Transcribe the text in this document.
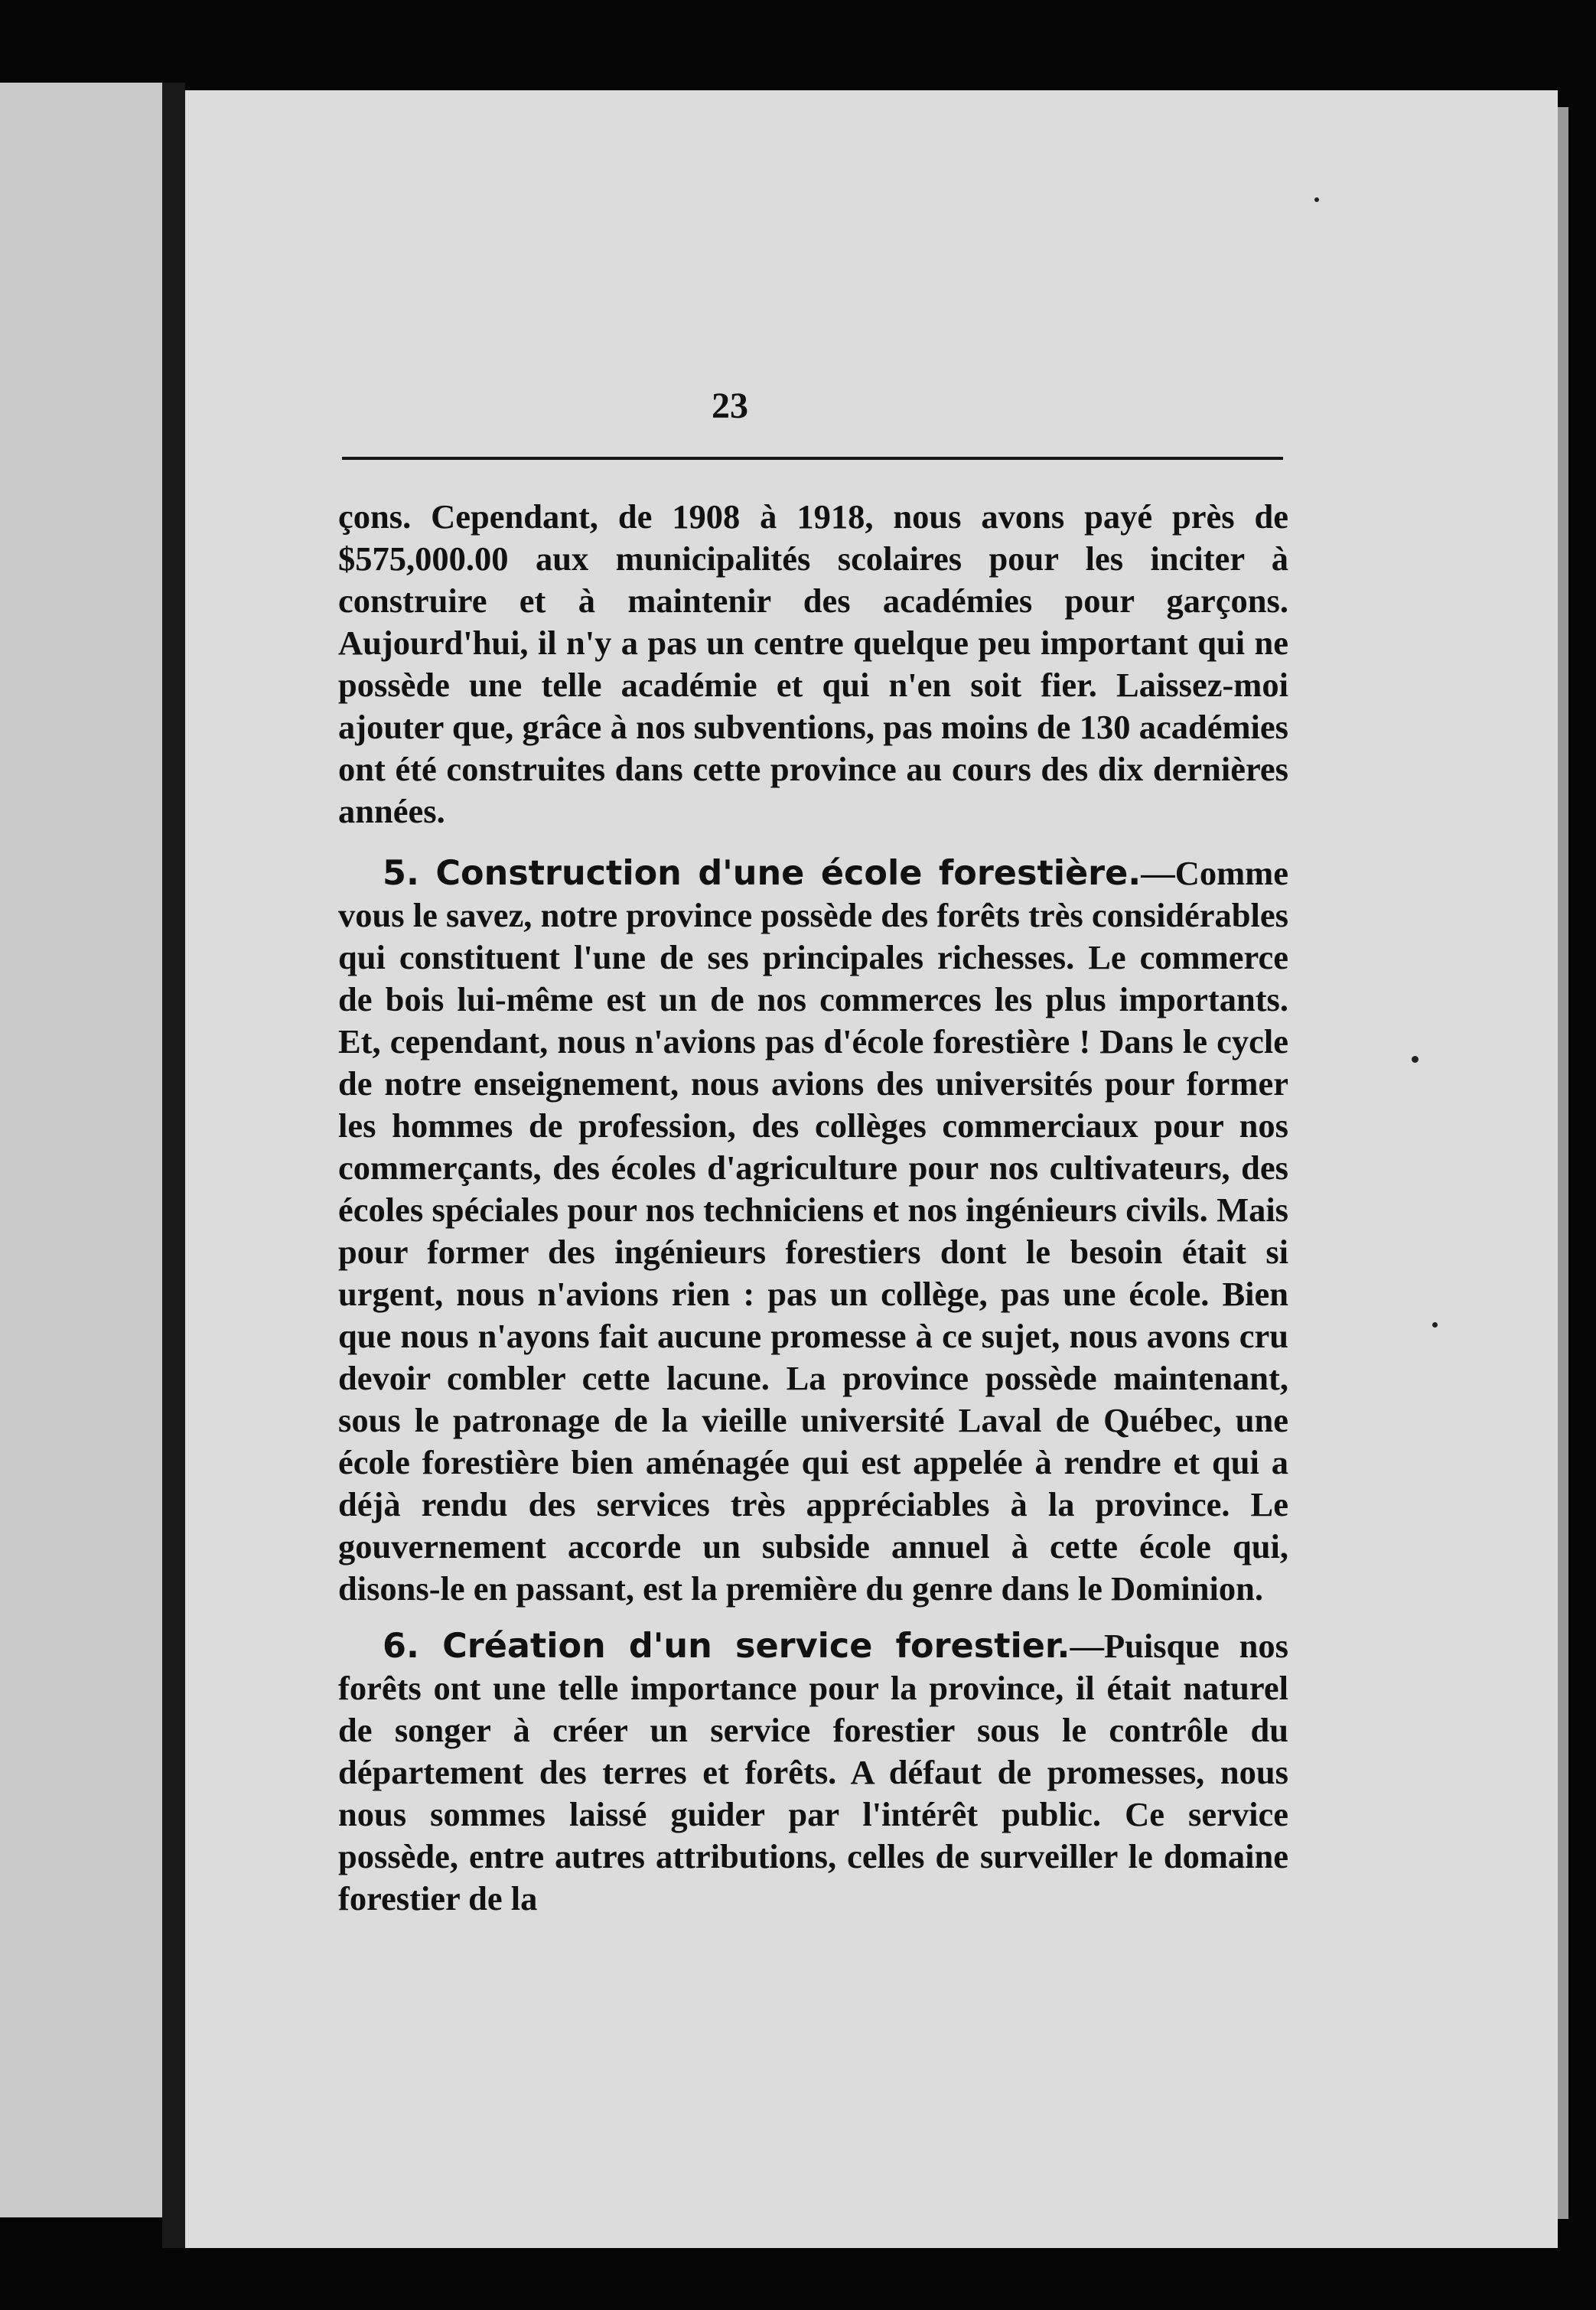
23

çons. Cependant, de 1908 à 1918, nous avons payé près de $575,000.00 aux municipalités scolaires pour les inciter à construire et à maintenir des académies pour garçons. Aujourd'hui, il n'y a pas un centre quelque peu important qui ne possède une telle académie et qui n'en soit fier. Laissez-moi ajouter que, grâce à nos subventions, pas moins de 130 académies ont été construites dans cette province au cours des dix dernières années.

5. Construction d'une école forestière.—Comme vous le savez, notre province possède des forêts très considérables qui constituent l'une de ses principales richesses. Le commerce de bois lui-même est un de nos commerces les plus importants. Et, cependant, nous n'avions pas d'école forestière ! Dans le cycle de notre enseignement, nous avions des universités pour former les hommes de profession, des collèges commerciaux pour nos commerçants, des écoles d'agriculture pour nos cultivateurs, des écoles spéciales pour nos techniciens et nos ingénieurs civils. Mais pour former des ingénieurs forestiers dont le besoin était si urgent, nous n'avions rien : pas un collège, pas une école. Bien que nous n'ayons fait aucune promesse à ce sujet, nous avons cru devoir combler cette lacune. La province possède maintenant, sous le patronage de la vieille université Laval de Québec, une école forestière bien aménagée qui est appelée à rendre et qui a déjà rendu des services très appréciables à la province. Le gouvernement accorde un subside annuel à cette école qui, disons-le en passant, est la première du genre dans le Dominion.

6. Création d'un service forestier.—Puisque nos forêts ont une telle importance pour la province, il était naturel de songer à créer un service forestier sous le contrôle du département des terres et forêts. A défaut de promesses, nous nous sommes laissé guider par l'intérêt public. Ce service possède, entre autres attributions, celles de surveiller le domaine forestier de la
